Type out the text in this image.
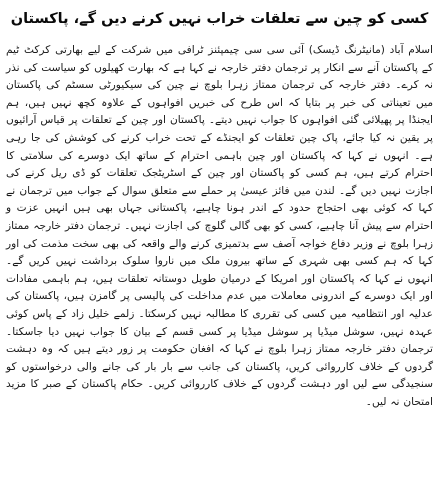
کسی کو چین سے تعلقات خراب نہیں کرنے دیں گے، پاکستان

اسلام آباد (مانیٹرنگ ڈیسک) آئی سی سی چیمپئنز ٹرافی میں شرکت کے لیے بھارتی کرکٹ ٹیم کے پاکستان آنے سے انکار پر ترجمان دفتر خارجہ نے کہا ہے کہ بھارت کھیلوں کو سیاست کی نذر نہ کرے۔ دفتر خارجہ کی ترجمان ممتاز زہرا بلوچ نے چین کی سیکیورٹی سسٹم کی پاکستان میں تعیناتی کی خبر پر بتایا کہ اس طرح کی خبریں افواہوں کے علاوہ کچھ نہیں ہیں، ہم ایجنڈا پر پھیلائی گئی افواہوں کا جواب نہیں دیتے۔ پاکستان اور چین کے تعلقات پر قیاس آرائیوں پر یقین نہ کیا جائے، پاک چین تعلقات کو ایجنڈے کے تحت خراب کرنے کی کوشش کی جا رہی ہے۔ انہوں نے کہا کہ پاکستان اور چین باہمی احترام کے ساتھ ایک دوسرے کی سلامتی کا احترام کرتے ہیں، ہم کسی کو پاکستان اور چین کے اسٹریٹجک تعلقات کو ڈی ریل کرنے کی اجازت نہیں دیں گے۔ لندن میں فائز عیسیٰ پر حملے سے متعلق سوال کے جواب میں ترجمان نے کہا کہ کوئی بھی احتجاج حدود کے اندر ہونا چاہیے، پاکستانی جہاں بھی ہیں انہیں عزت و احترام سے پیش آنا چاہیے، کسی کو بھی گالی گلوچ کی اجازت نہیں۔ ترجمان دفتر خارجہ ممتاز زہرا بلوچ نے وزیر دفاع خواجہ آصف سے بدتمیزی کرنے والے واقعہ کی بھی سخت مذمت کی اور کہا کہ ہم کسی بھی شہری کے ساتھ بیرون ملک میں ناروا سلوک برداشت نہیں کریں گے۔ انہوں نے کہا کہ پاکستان اور امریکا کے درمیان طویل دوستانہ تعلقات ہیں، ہم باہمی مفادات اور ایک دوسرے کے اندرونی معاملات میں عدم مداخلت کی پالیسی پر گامزن ہیں، پاکستان کی عدلیہ اور انتظامیہ میں کسی کی تقرری کا مطالبہ نہیں کرسکتا۔ زلمے خلیل زاد کے پاس کوئی عہدہ نہیں، سوشل میڈیا پر سوشل میڈیا پر کسی قسم کے بیان کا جواب نہیں دیا جاسکتا۔ ترجمان دفتر خارجہ ممتاز زہرا بلوچ نے کہا کہ افغان حکومت پر زور دیتے ہیں کہ وہ دہشت گردوں کے خلاف کارروائی کریں، پاکستان کی جانب سے بار بار کی جانے والی درخواستوں کو سنجیدگی سے لیں اور دہشت گردوں کے خلاف کارروائی کریں۔ حکام پاکستان کے صبر کا مزید امتحان نہ لیں۔
